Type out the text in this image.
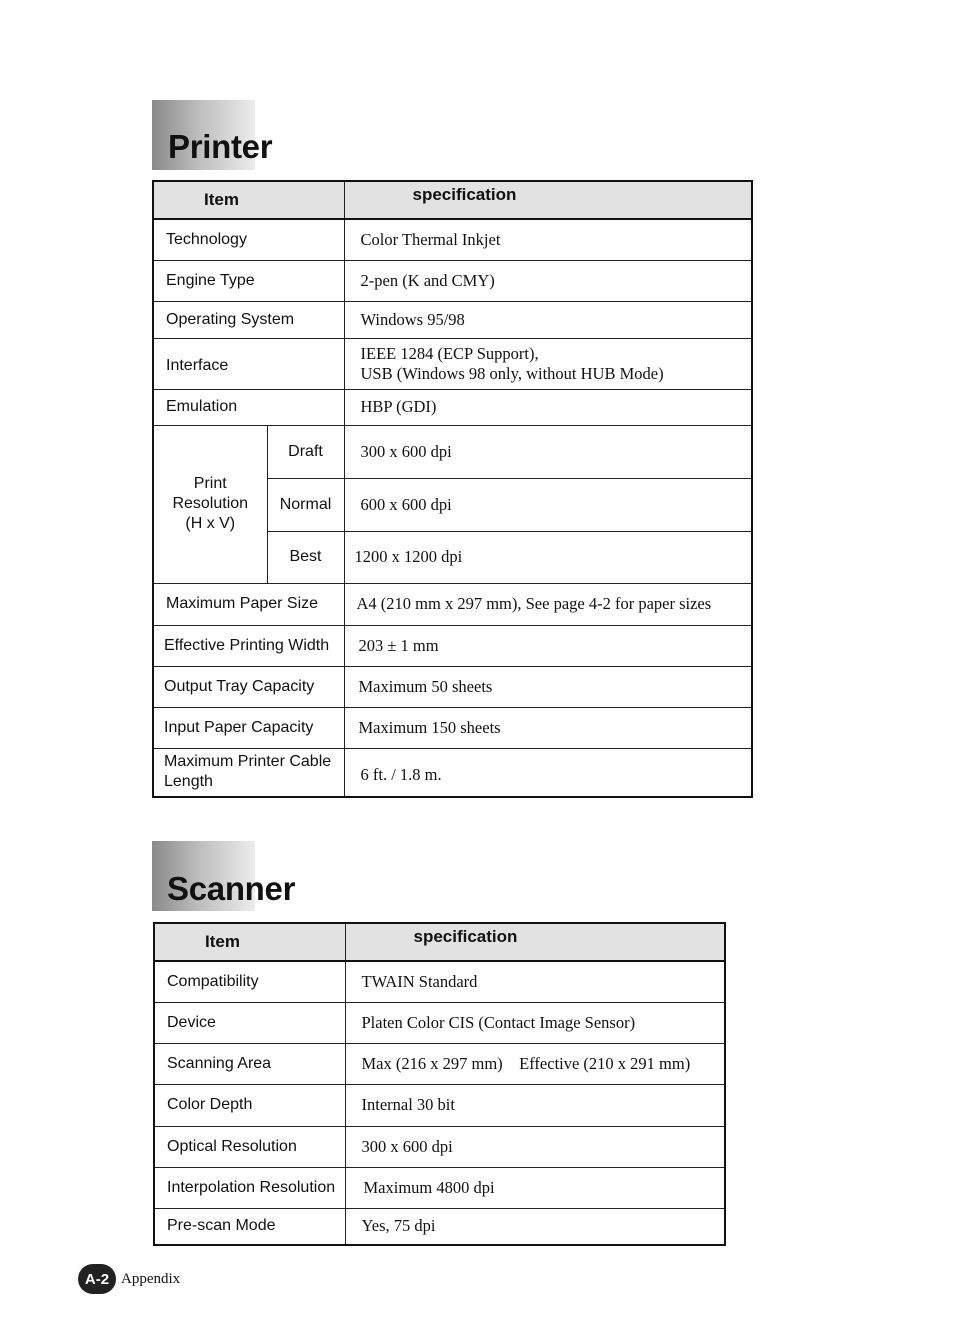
Printer
Item		specification
Technology		Color Thermal Inkjet
Engine Type		2-pen (K and CMY)
Operating System		Windows 95/98
Interface		IEEE 1284 (ECP Support),
USB (Windows 98 only, without HUB Mode)

Emulation		HBP (GDI)

Print
Resolution
(H x V)	Draft	300 x 600 dpi
	Normal	600 x 600 dpi
	Best	1200 x 1200 dpi
Maximum Paper Size		A4 (210 mm x 297 mm), See page 4-2 for paper sizes
Effective Printing Width		203 ± 1 mm
Output Tray Capacity		Maximum 50 sheets
Input Paper Capacity		Maximum 150 sheets

Maximum Printer Cable
Length		6 ft. / 1.8 m.
Scanner
Item	specification
Compatibility	TWAIN Standard
Device	Platen Color CIS (Contact Image Sensor)
Scanning Area	Max (216 x 297 mm)    Effective (210 x 291 mm)
Color Depth	Internal 30 bit
Optical Resolution	300 x 600 dpi
Interpolation Resolution	Maximum 4800 dpi
Pre-scan Mode	Yes, 75 dpi
A-2 Appendix
